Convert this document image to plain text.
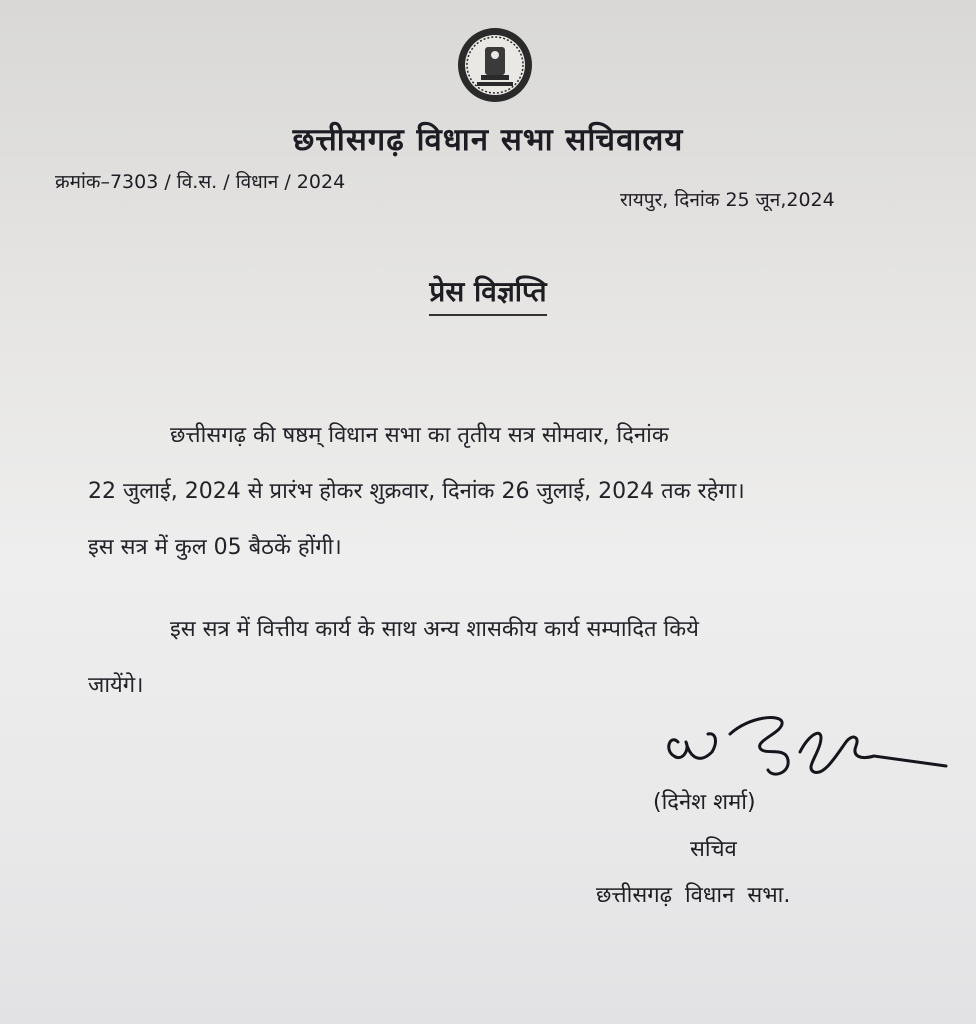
छत्तीसगढ़ विधान सभा सचिवालय
क्रमांक–7303 / वि.स. / विधान / 2024
रायपुर, दिनांक 25 जून,2024
प्रेस विज्ञप्ति
छत्तीसगढ़ की षष्ठम् विधान सभा का तृतीय सत्र सोमवार, दिनांक
22 जुलाई, 2024 से प्रारंभ होकर शुक्रवार, दिनांक 26 जुलाई, 2024 तक रहेगा।
इस सत्र में कुल 05 बैठकें होंगी।
इस सत्र में वित्तीय कार्य के साथ अन्य शासकीय कार्य सम्पादित किये
जायेंगे।
(दिनेश शर्मा)
सचिव
छत्तीसगढ़ विधान सभा.
